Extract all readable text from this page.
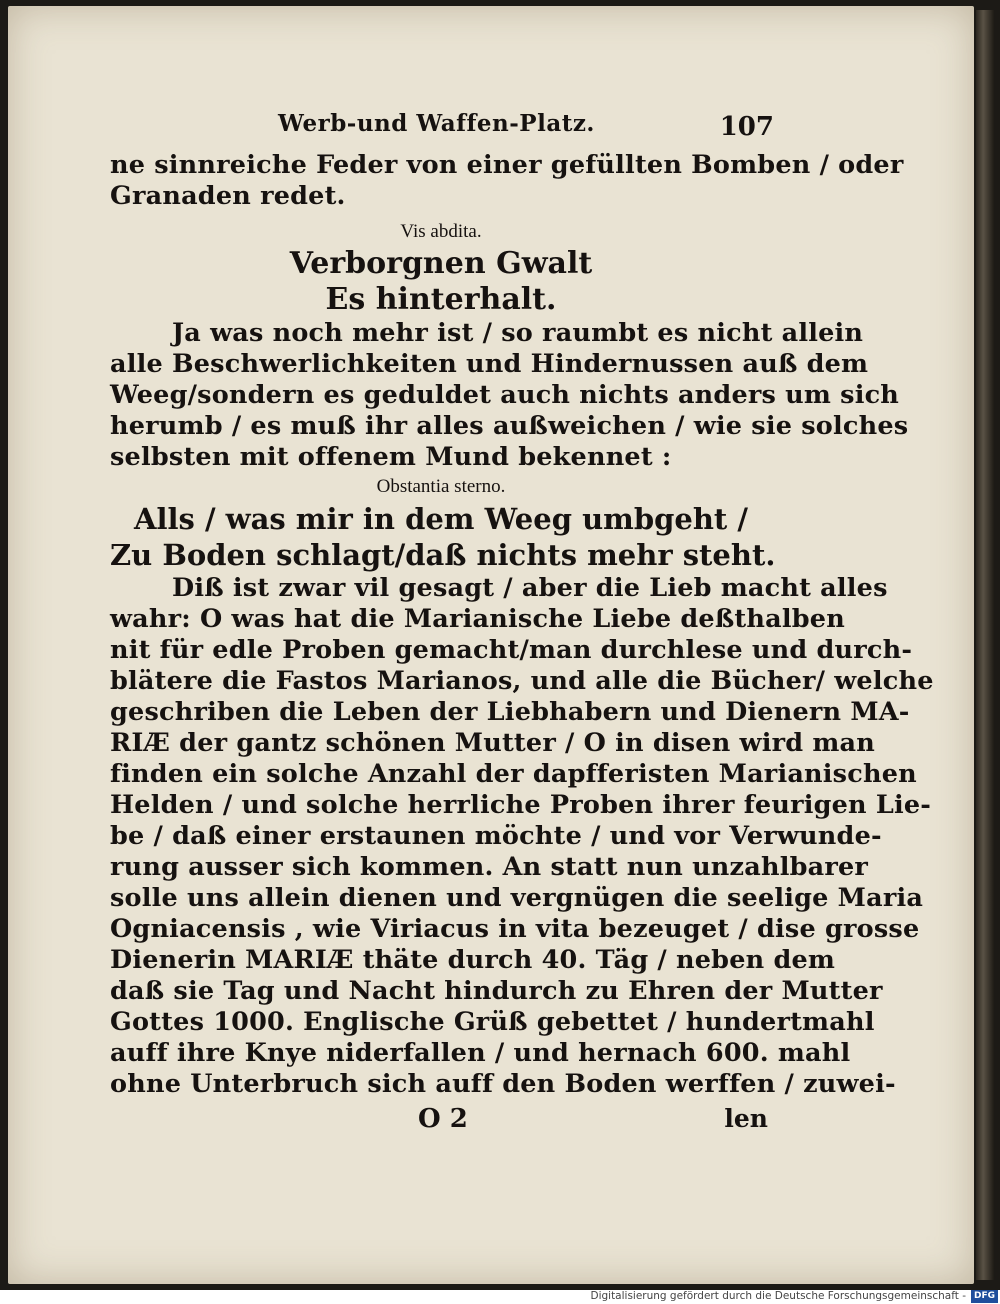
Werb-und Waffen-Platz.	107
ne sinnreiche Feder von einer gefüllten Bomben / oder
Granaden redet.
Vis abdita.
Verborgnen Gwalt
Es hinterhalt.
Ja was noch mehr ist / so raumbt es nicht allein
alle Beschwerlichkeiten und Hindernussen auß dem
Weeg/sondern es geduldet auch nichts anders um sich
herumb / es muß ihr alles außweichen / wie sie solches
selbsten mit offenem Mund bekennet :
Obstantia sterno.
Alls / was mir in dem Weeg umbgeht /
Zu Boden schlagt/daß nichts mehr steht.
Diß ist zwar vil gesagt / aber die Lieb macht alles
wahr: O was hat die Marianische Liebe deßthalben
nit für edle Proben gemacht/man durchlese und durch-
blätere die Fastos Marianos, und alle die Bücher/ welche
geschriben die Leben der Liebhabern und Dienern MA-
RIÆ der gantz schönen Mutter / O in disen wird man
finden ein solche Anzahl der dapfferisten Marianischen
Helden / und solche herrliche Proben ihrer feurigen Lie-
be / daß einer erstaunen möchte / und vor Verwunde-
rung ausser sich kommen. An statt nun unzahlbarer
solle uns allein dienen und vergnügen die seelige Maria
Ogniacensis , wie Viriacus in vita bezeuget / dise grosse
Dienerin MARIÆ thäte durch 40. Täg / neben dem
daß sie Tag und Nacht hindurch zu Ehren der Mutter
Gottes 1000. Englische Grüß gebettet / hundertmahl
auff ihre Knye niderfallen / und hernach 600. mahl
ohne Unterbruch sich auff den Boden werffen / zuwei-
O 2	len
Digitalisierung gefördert durch die Deutsche Forschungsgemeinschaft - DFG
